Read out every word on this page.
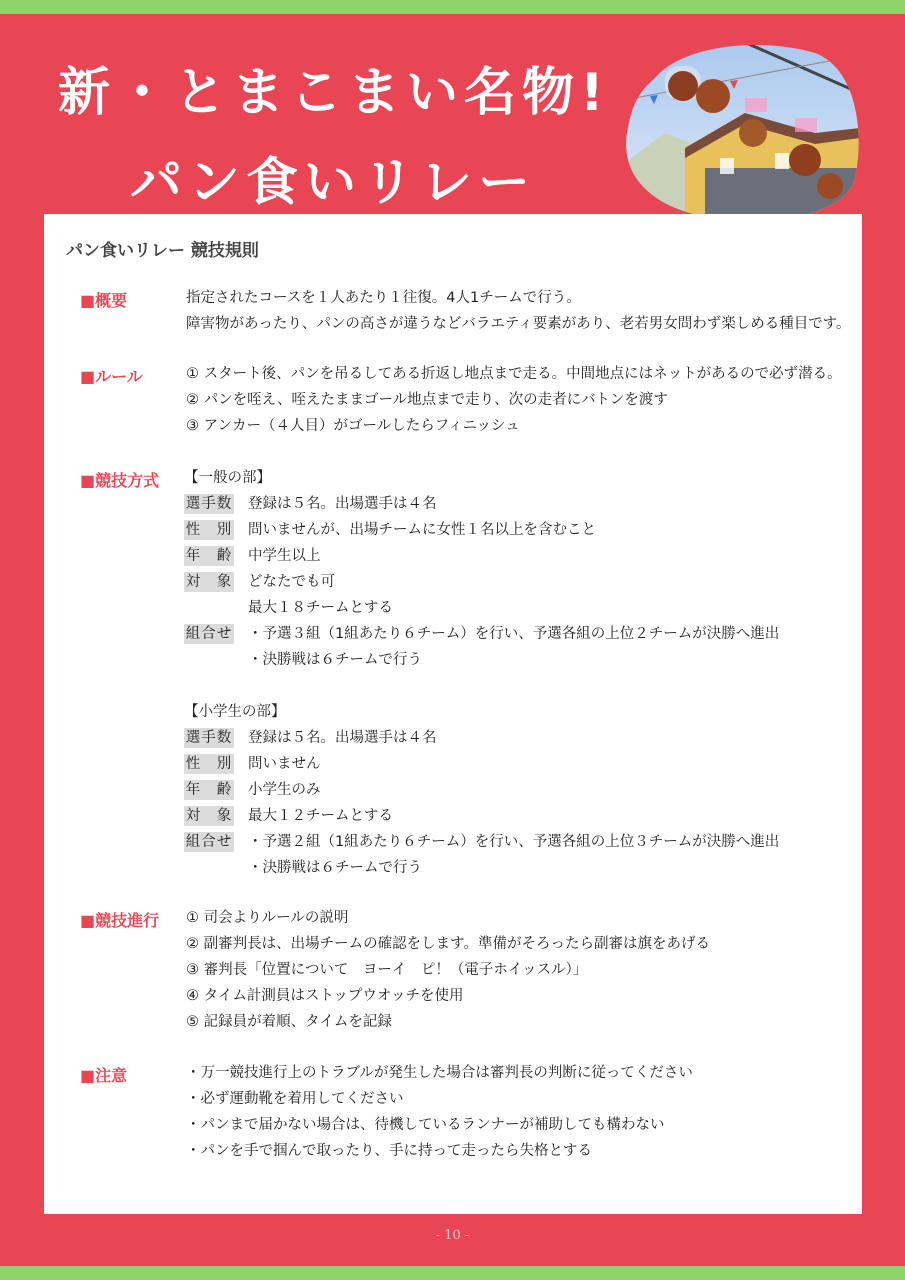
新・とまこまい名物!
パン食いリレー
パン食いリレー 競技規則
■概要	指定されたコースを１人あたり１往復。4人1チームで行う。
障害物があったり、パンの高さが違うなどバラエティ要素があり、老若男女問わず楽しめる種目です。
■ルール	① スタート後、パンを吊るしてある折返し地点まで走る。中間地点にはネットがあるので必ず潜る。
② パンを咥え、咥えたままゴール地点まで走り、次の走者にバトンを渡す
③ アンカー（４人目）がゴールしたらフィニッシュ
■競技方式 【一般の部】
選手数 登録は５名。出場選手は４名
性　別 問いませんが、出場チームに女性１名以上を含むこと
年　齢 中学生以上
対　象 どなたでも可
最大１８チームとする
組合せ ・予選３組（1組あたり６チーム）を行い、予選各組の上位２チームが決勝へ進出
・決勝戦は６チームで行う
【小学生の部】
選手数 登録は５名。出場選手は４名
性　別 問いません
年　齢 小学生のみ
対　象 最大１２チームとする
組合せ ・予選２組（1組あたり６チーム）を行い、予選各組の上位３チームが決勝へ進出
・決勝戦は６チームで行う
■競技進行 ① 司会よりルールの説明
② 副審判長は、出場チームの確認をします。準備がそろったら副審は旗をあげる
③ 審判長「位置について　ヨーイ　ピ！（電子ホイッスル）」
④ タイム計測員はストップウオッチを使用
⑤ 記録員が着順、タイムを記録
■注意	・万一競技進行上のトラブルが発生した場合は審判長の判断に従ってください
・必ず運動靴を着用してください
・パンまで届かない場合は、待機しているランナーが補助しても構わない
・パンを手で掴んで取ったり、手に持って走ったら失格とする
- 10 -
